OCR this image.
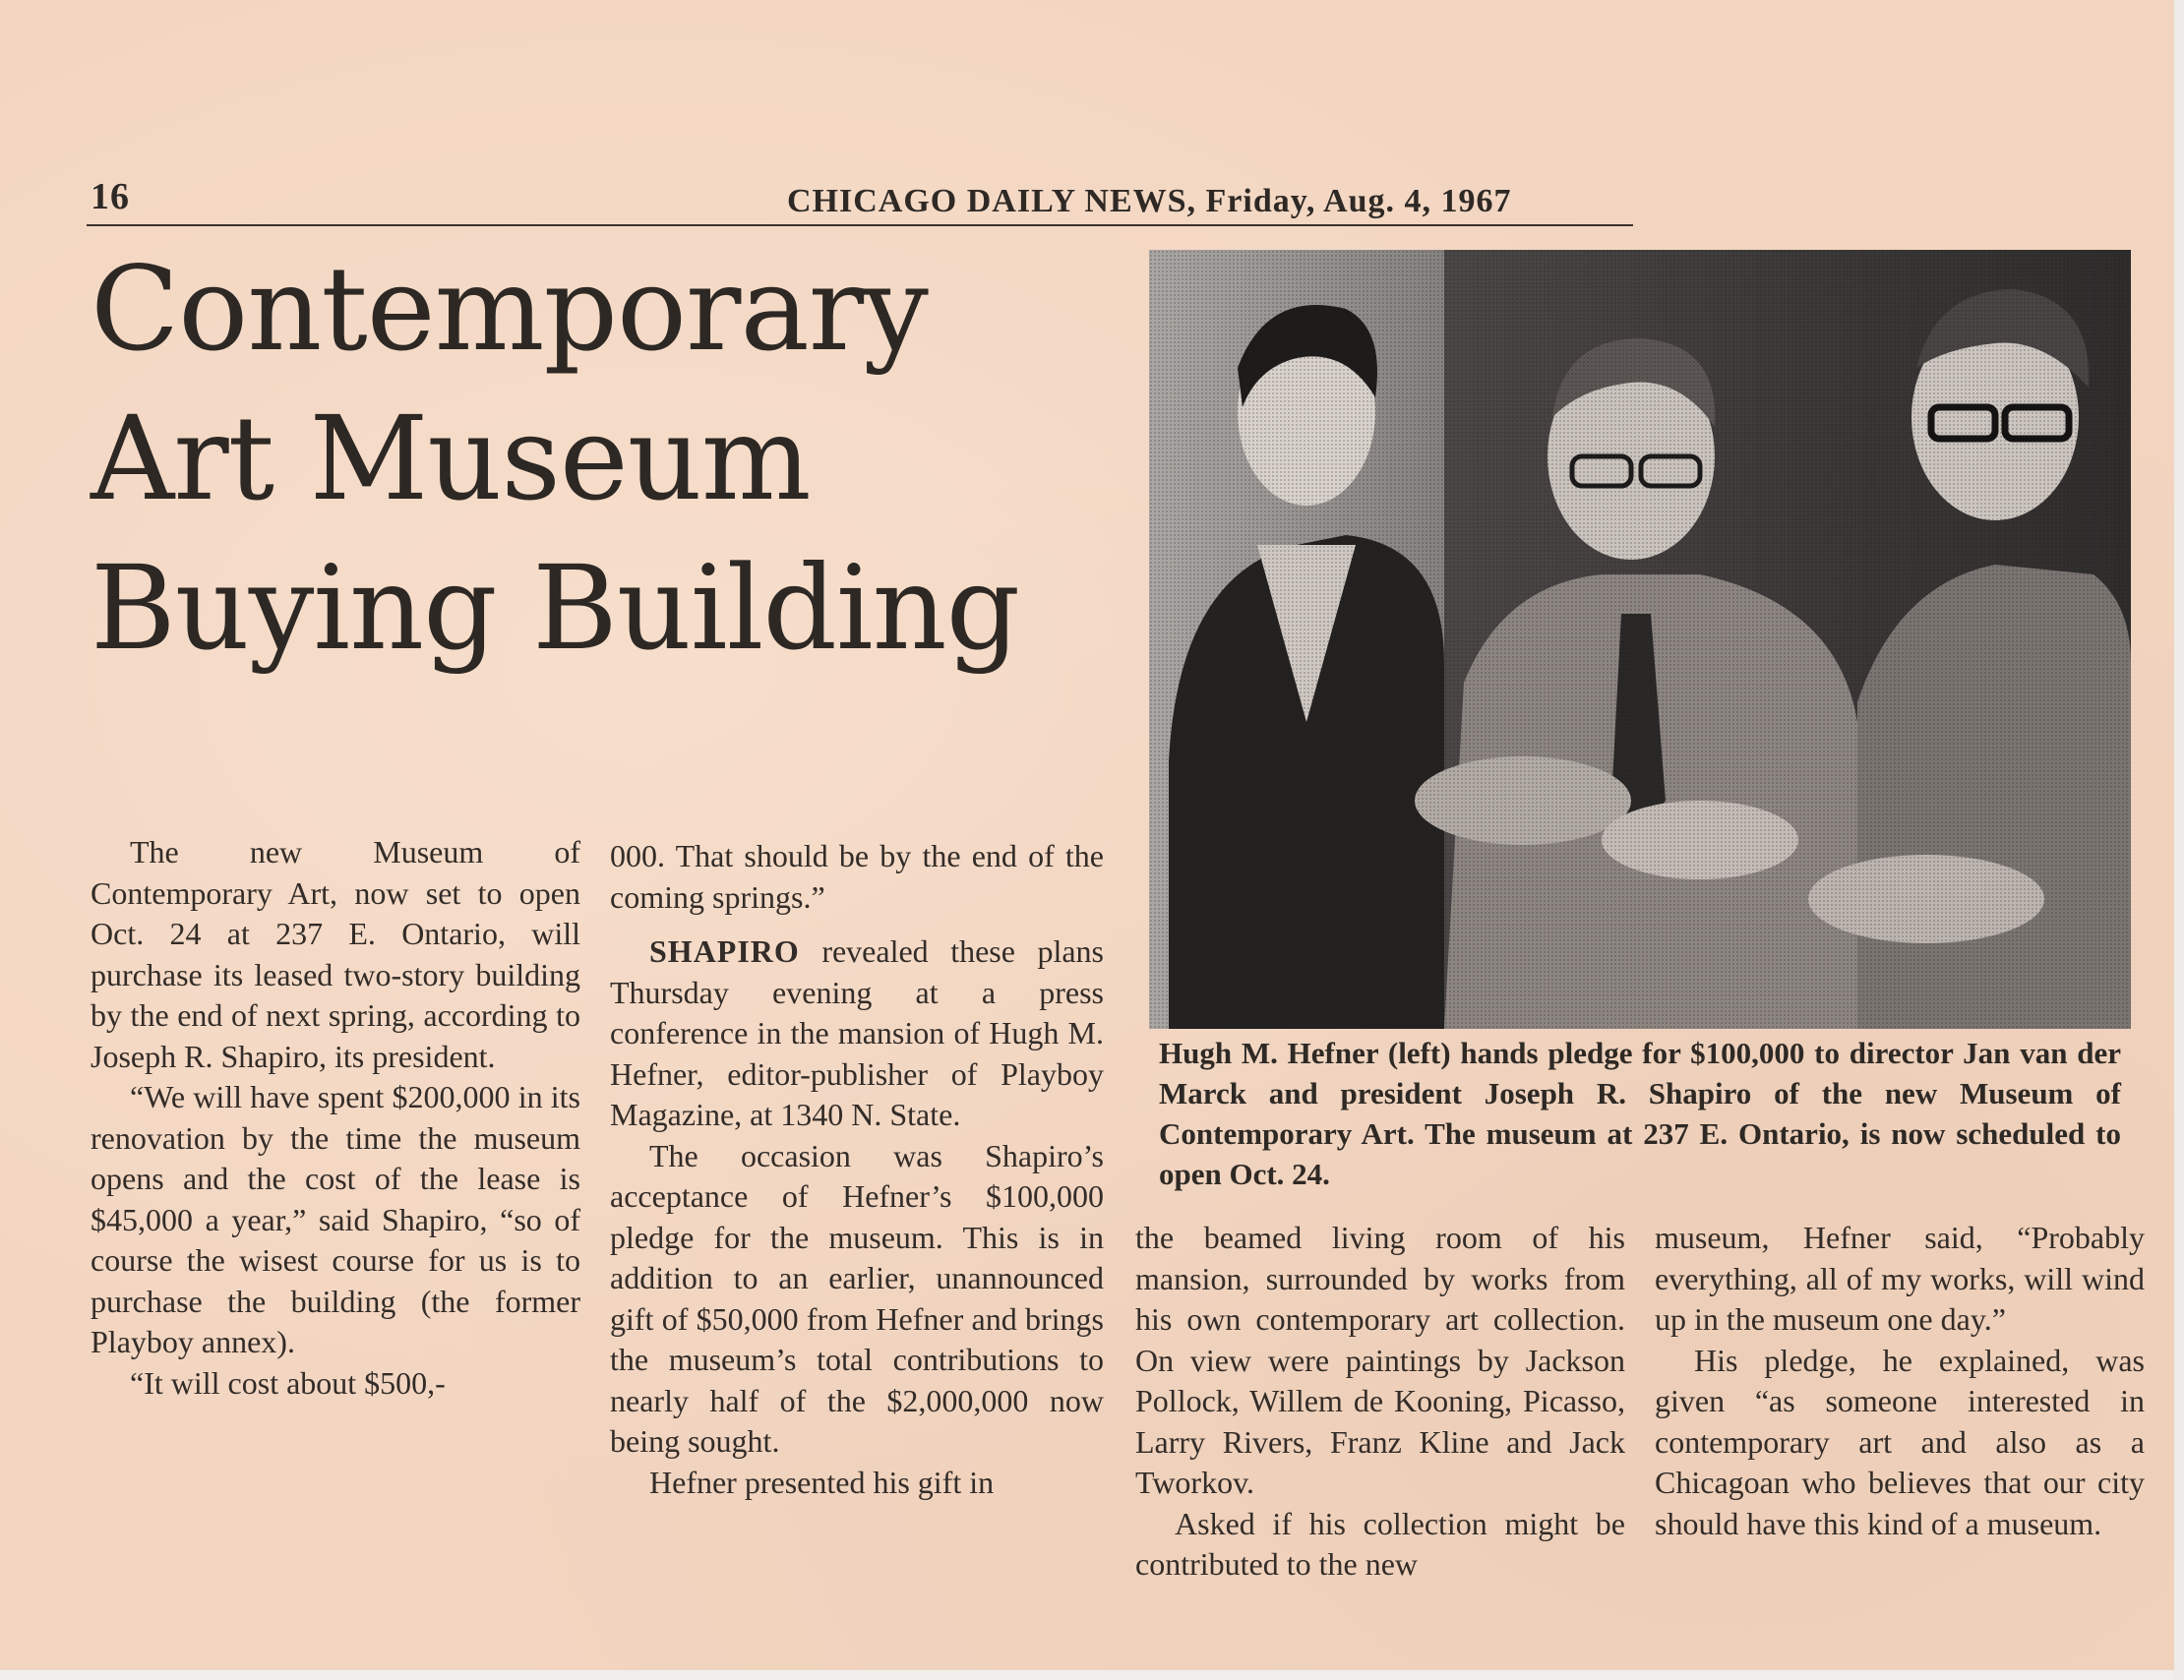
16	CHICAGO DAILY NEWS, Friday, Aug. 4, 1967
Contemporary
Art Museum
Buying Building
Hugh M. Hefner (left) hands pledge for $100,000 to director Jan van der Marck and president Joseph R. Shapiro of the new Museum of Contemporary Art. The museum at 237 E. Ontario, is now scheduled to open Oct. 24.

The new Museum of Contemporary Art, now set to open Oct. 24 at 237 E. Ontario, will purchase its leased two-story building by the end of next spring, according to Joseph R. Shapiro, its president.

“We will have spent $200,000 in its renovation by the time the museum opens and the cost of the lease is $45,000 a year,” said Shapiro, “so of course the wisest course for us is to purchase the building (the former Playboy annex).

“It will cost about $500,-

000. That should be by the end of the coming springs.”

SHAPIRO revealed these plans Thursday evening at a press conference in the mansion of Hugh M. Hefner, editor-publisher of Playboy Magazine, at 1340 N. State.

The occasion was Shapiro’s acceptance of Hefner’s $100,000 pledge for the museum. This is in addition to an earlier, unannounced gift of $50,000 from Hefner and brings the museum’s total contributions to nearly half of the $2,000,000 now being sought.

Hefner presented his gift in

the beamed living room of his mansion, surrounded by works from his own contemporary art collection. On view were paintings by Jackson Pollock, Willem de Kooning, Picasso, Larry Rivers, Franz Kline and Jack Tworkov.

Asked if his collection might be contributed to the new

museum, Hefner said, “Probably everything, all of my works, will wind up in the museum one day.”

His pledge, he explained, was given “as someone interested in contemporary art and also as a Chicagoan who believes that our city should have this kind of a museum.
